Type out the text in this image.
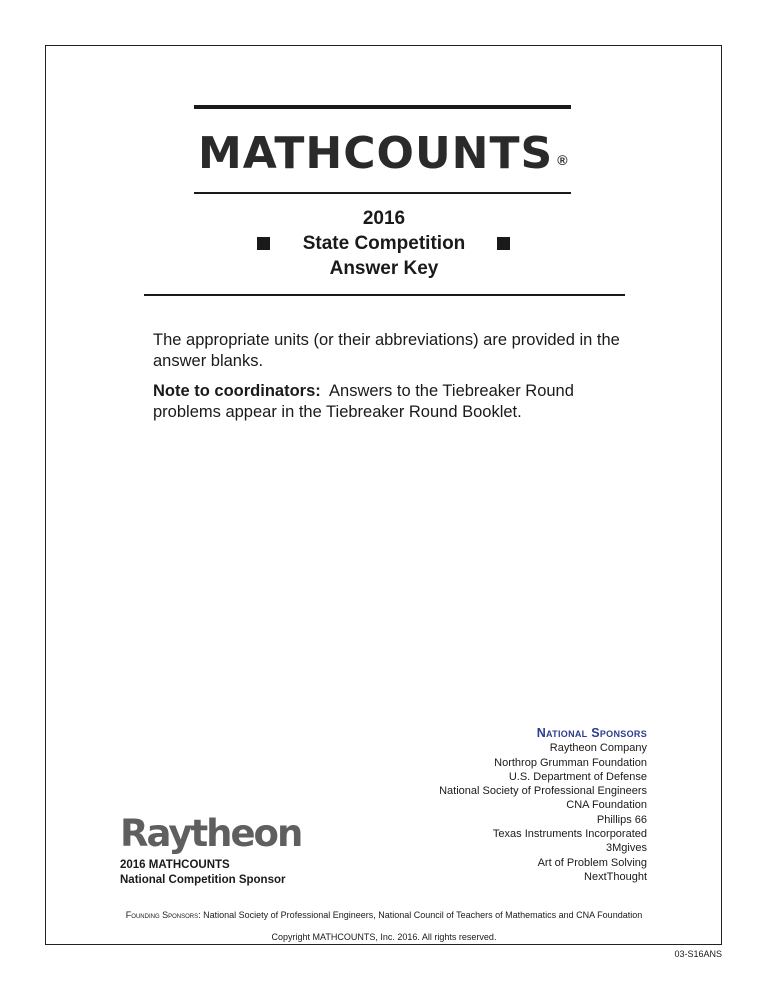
MATHCOUNTS ®
2016
State Competition
Answer Key

The appropriate units (or their abbreviations) are provided in the answer blanks.

Note to coordinators: Answers to the Tiebreaker Round problems appear in the Tiebreaker Round Booklet.

National Sponsors
Raytheon Company
Northrop Grumman Foundation
U.S. Department of Defense
National Society of Professional Engineers
CNA Foundation
Phillips 66
Texas Instruments Incorporated
3Mgives
Art of Problem Solving
NextThought
Raytheon
2016 MATHCOUNTS
National Competition Sponsor
Founding Sponsors: National Society of Professional Engineers, National Council of Teachers of Mathematics and CNA Foundation
Copyright MATHCOUNTS, Inc. 2016. All rights reserved.
03-S16ANS
